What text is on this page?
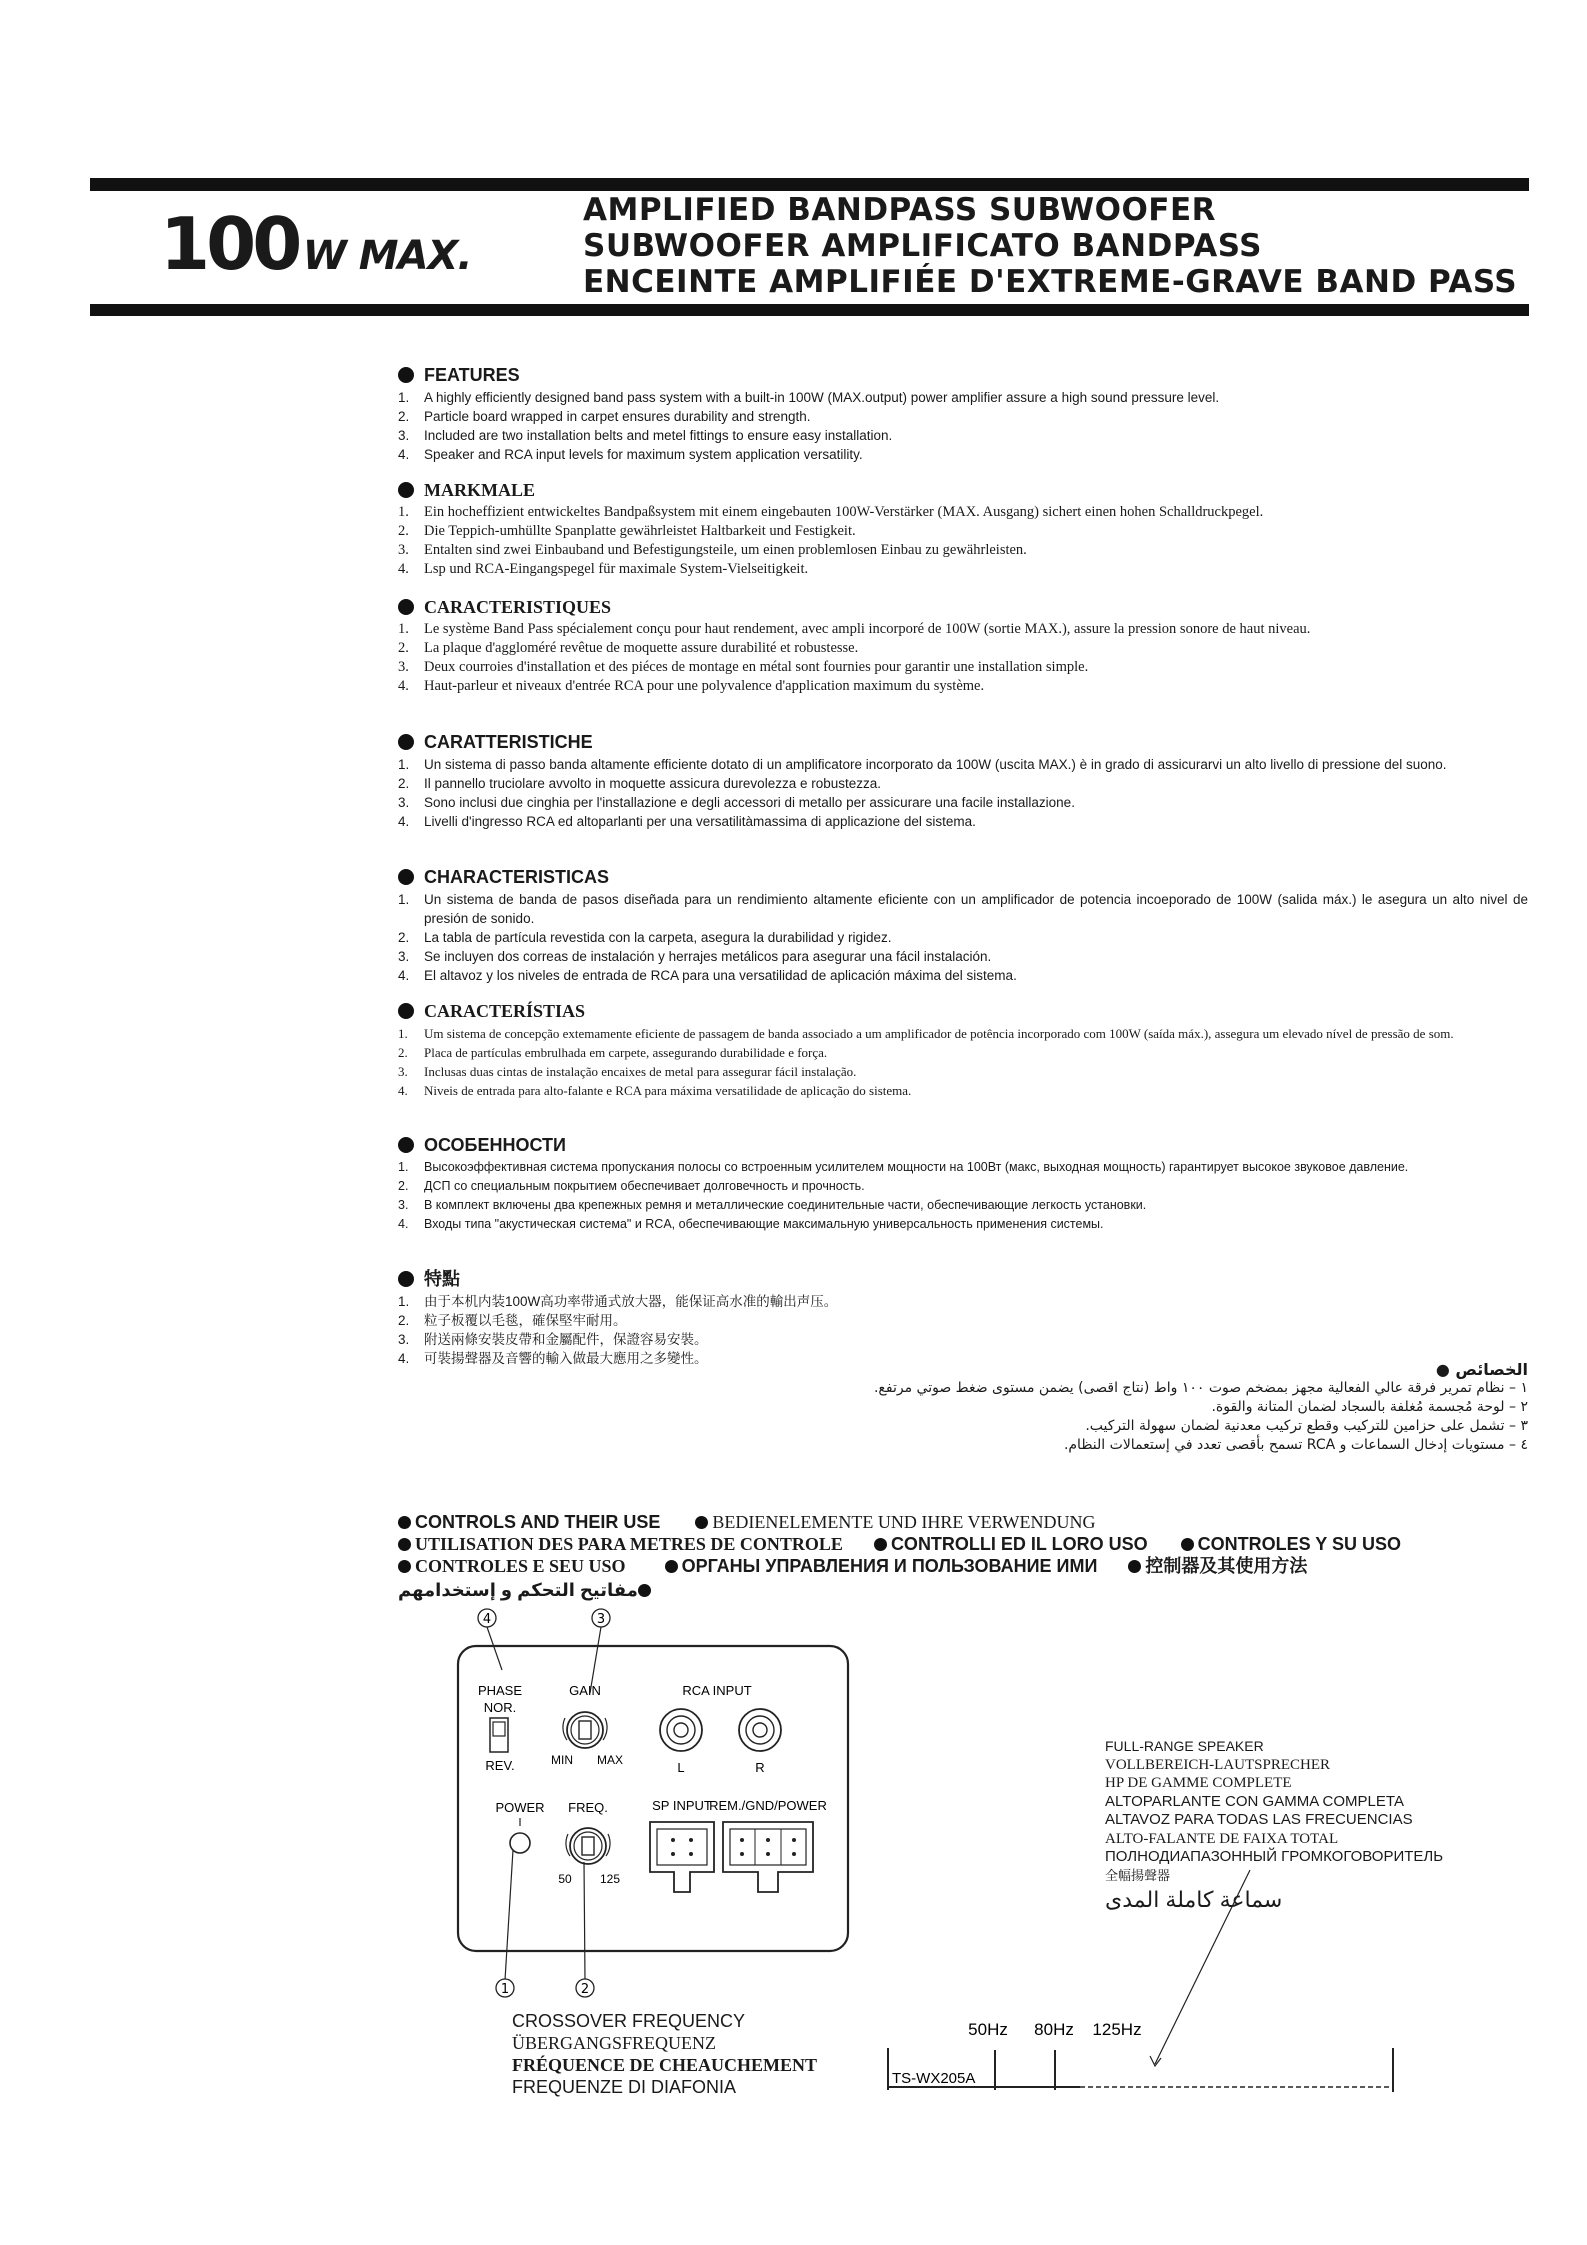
100 W MAX.
AMPLIFIED BANDPASS SUBWOOFER
SUBWOOFER AMPLIFICATO BANDPASS
ENCEINTE AMPLIFIÉE D'EXTREME-GRAVE BAND PASS
FEATURES
1. A highly efficiently designed band pass system with a built-in 100W (MAX.output) power amplifier assure a high sound pressure level.
2. Particle board wrapped in carpet ensures durability and strength.
3. Included are two installation belts and metel fittings to ensure easy installation.
4. Speaker and RCA input levels for maximum system application versatility.
MARKMALE
1. Ein hocheffizient entwickeltes Bandpaßsystem mit einem eingebauten 100W-Verstärker (MAX. Ausgang) sichert einen hohen Schalldruckpegel.
2. Die Teppich-umhüllte Spanplatte gewährleistet Haltbarkeit und Festigkeit.
3. Entalten sind zwei Einbauband und Befestigungsteile, um einen problemlosen Einbau zu gewährleisten.
4. Lsp und RCA-Eingangspegel für maximale System-Vielseitigkeit.
CARACTERISTIQUES
1. Le système Band Pass spécialement conçu pour haut rendement, avec ampli incorporé de 100W (sortie MAX.), assure la pression sonore de haut niveau.
2. La plaque d'aggloméré revêtue de moquette assure durabilité et robustesse.
3. Deux courroies d'installation et des piéces de montage en métal sont fournies pour garantir une installation simple.
4. Haut-parleur et niveaux d'entrée RCA pour une polyvalence d'application maximum du système.
CARATTERISTICHE
1. Un sistema di passo banda altamente efficiente dotato di un amplificatore incorporato da 100W (uscita MAX.) è in grado di assicurarvi un alto livello di pressione del suono.
2. Il pannello truciolare avvolto in moquette assicura durevolezza e robustezza.
3. Sono inclusi due cinghia per l'installazione e degli accessori di metallo per assicurare una facile installazione.
4. Livelli d'ingresso RCA ed altoparlanti per una versatilitàmassima di applicazione del sistema.
CHARACTERISTICAS
1. Un sistema de banda de pasos diseñada para un rendimiento altamente eficiente con un amplificador de potencia incoeporado de 100W (salida máx.) le asegura un alto nivel de presión de sonido.
2. La tabla de partícula revestida con la carpeta, asegura la durabilidad y rigidez.
3. Se incluyen dos correas de instalación y herrajes metálicos para asegurar una fácil instalación.
4. El altavoz y los niveles de entrada de RCA para una versatilidad de aplicación máxima del sistema.
CARACTERÍSTIAS
1. Um sistema de concepção extemamente eficiente de passagem de banda associado a um amplificador de potência incorporado com 100W (saída máx.), assegura um elevado nível de pressão de som.
2. Placa de partículas embrulhada em carpete, assegurando durabilidade e força.
3. Inclusas duas cintas de instalação encaixes de metal para assegurar fácil instalação.
4. Niveis de entrada para alto-falante e RCA para máxima versatilidade de aplicação do sistema.
ОСОБЕННОСТИ
1. Высокоэффективная система пропускания полосы со встроенным усилителем мощности на 100Вт (макс, выходная мощность) гарантирует высокое звуковое давление.
2. ДСП со специальным покрытием обеспечивает долговечность и прочность.
3. В комплект включены два крепежных ремня и металлические соединительные части, обеспечивающие легкость установки.
4. Входы типа "акустическая система" и RCA, обеспечивающие максимальную универсальность применения системы.
特點
1. 由于本机内装100W高功率带通式放大器，能保证高水准的輸出声压。
2. 粒子板覆以毛毯，確保堅牢耐用。
3. 附送兩條安裝皮帶和金屬配件，保證容易安裝。
4. 可裝揚聲器及音響的輸入做最大應用之多變性。
الخصائص ●
١ – نظام تمرير فرقة عالي الفعالية مجهز بمضخم صوت ١٠٠ واط (نتاج اقصى) يضمن مستوى ضغط صوتي مرتفع.
٢ – لوحة مُجسمة مُغلفة بالسجاد لضمان المتانة والقوة.
٣ – تشمل على حزامين للتركيب وقطع تركيب معدنية لضمان سهولة التركيب.
٤ – مستويات إدخال السماعات و RCA تسمح بأقصى تعدد في إستعمالات النظام.
CONTROLS AND THEIR USE	BEDIENELEMENTE UND IHRE VERWENDUNG
UTILISATION DES PARA METRES DE CONTROLE	CONTROLLI ED IL LORO USO	CONTROLES Y SU USO
CONTROLES E SEU USO	ОРГАНЫ УПРАВЛЕНИЯ И ПОЛЬЗОВАНИЕ ИМИ	控制器及其使用方法
مفاتيح التحكم و إستخدامهم
4	3
PHASE
NOR.
REV.
GAIN
MIN MAX
RCA INPUT
L	R
POWER FREQ.
50 125
SP INPUT
REM./GND/POWER
1	2
FULL-RANGE SPEAKER
VOLLBEREICH-LAUTSPRECHER
HP DE GAMME COMPLETE
ALTOPARLANTE CON GAMMA COMPLETA
ALTAVOZ PARA TODAS LAS FRECUENCIAS
ALTO-FALANTE DE FAIXA TOTAL
ПОЛНОДИАПАЗОННЫЙ ГРОМКОГОВОРИТЕЛЬ
全幅揚聲器
سماعة كاملة المدى
CROSSOVER FREQUENCY
ÜBERGANGSFREQUENZ
FRÉQUENCE DE CHEAUCHEMENT
FREQUENZE DI DIAFONIA
50Hz 80Hz 125Hz
TS-WX205A
